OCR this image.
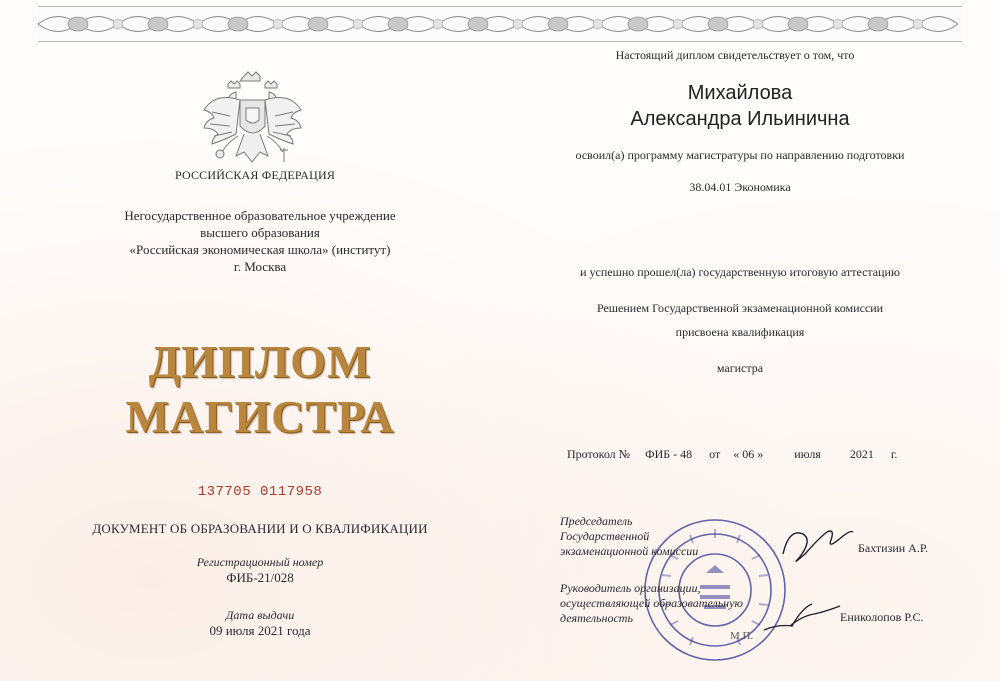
РОССИЙСКАЯ ФЕДЕРАЦИЯ
Негосударственное образовательное учреждение
высшего образования
«Российская экономическая школа» (институт)
г. Москва
ДИПЛОМ
МАГИСТРА
137705 0117958
ДОКУМЕНТ ОБ ОБРАЗОВАНИИ И О КВАЛИФИКАЦИИ
Регистрационный номер
ФИБ-21/028
Дата выдачи
09 июля 2021 года
Настоящий диплом свидетельствует о том, что
Михайлова
Александра Ильинична
освоил(а) программу магистратуры по направлению подготовки
38.04.01 Экономика
и успешно прошел(ла) государственную итоговую аттестацию
Решением Государственной экзаменационной комиссии
присвоена квалификация
магистра
Протокол № ФИБ - 48 от « 06 »	июля 2021 г.
Председатель
Государственной
экзаменационной комиссии	Бахтизин А.Р.
Руководитель организации,
осуществляющей образовательную
деятельность	Ениколопов Р.С.
М.П.
